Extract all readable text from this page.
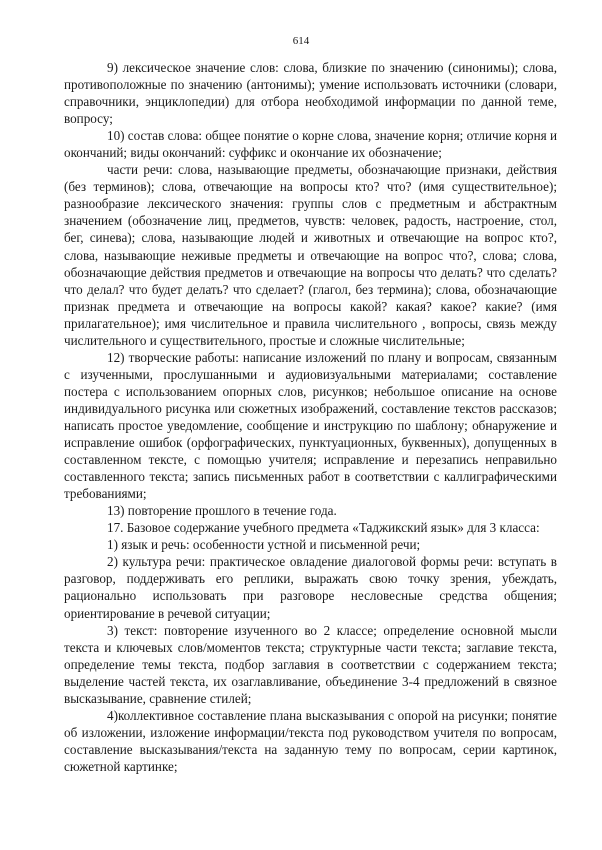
614

9) лексическое значение слов: слова, близкие по значению (синонимы); слова, противоположные по значению (антонимы); умение использовать источники (словари, справочники, энциклопедии) для отбора необходимой информации по данной теме, вопросу;

10) состав слова: общее понятие о корне слова, значение корня; отличие корня и окончаний; виды окончаний: суффикс и окончание их обозначение;

части речи: слова, называющие предметы, обозначающие признаки, действия (без терминов); слова, отвечающие на вопросы кто? что? (имя существительное); разнообразие лексического значения: группы слов с предметным и абстрактным значением (обозначение лиц, предметов, чувств: человек, радость, настроение, стол, бег, синева); слова, называющие людей и животных и отвечающие на вопрос кто?, слова, называющие неживые предметы и отвечающие на вопрос что?, слова; слова, обозначающие действия предметов и отвечающие на вопросы что делать? что сделать? что делал? что будет делать? что сделает? (глагол, без термина); слова, обозначающие признак предмета и отвечающие на вопросы какой? какая? какое? какие? (имя прилагательное); имя числительное и правила числительного , вопросы, связь между числительного и существительного, простые и сложные числительные;

12) творческие работы: написание изложений по плану и вопросам, связанным с изученными, прослушанными и аудиовизуальными материалами; составление постера с использованием опорных слов, рисунков; небольшое описание на основе индивидуального рисунка или сюжетных изображений, составление текстов рассказов; написать простое уведомление, сообщение и инструкцию по шаблону; обнаружение и исправление ошибок (орфографических, пунктуационных, буквенных), допущенных в составленном тексте, с помощью учителя; исправление и перезапись неправильно составленного текста; запись письменных работ в соответствии с каллиграфическими требованиями;

13) повторение прошлого в течение года.

17. Базовое содержание учебного предмета «Таджикский язык» для 3 класса:

1) язык и речь: особенности устной и письменной речи;

2) культура речи: практическое овладение диалоговой формы речи: вступать в разговор, поддерживать его реплики, выражать свою точку зрения, убеждать, рационально использовать при разговоре несловесные средства общения; ориентирование в речевой ситуации;

3) текст: повторение изученного во 2 классе; определение основной мысли текста и ключевых слов/моментов текста; структурные части текста; заглавие текста, определение темы текста, подбор заглавия в соответствии с содержанием текста; выделение частей текста, их озаглавливание, объединение 3-4 предложений в связное высказывание, сравнение стилей;

4)коллективное составление плана высказывания с опорой на рисунки; понятие об изложении, изложение информации/текста под руководством учителя по вопросам, составление высказывания/текста на заданную тему по вопросам, серии картинок, сюжетной картинке;
